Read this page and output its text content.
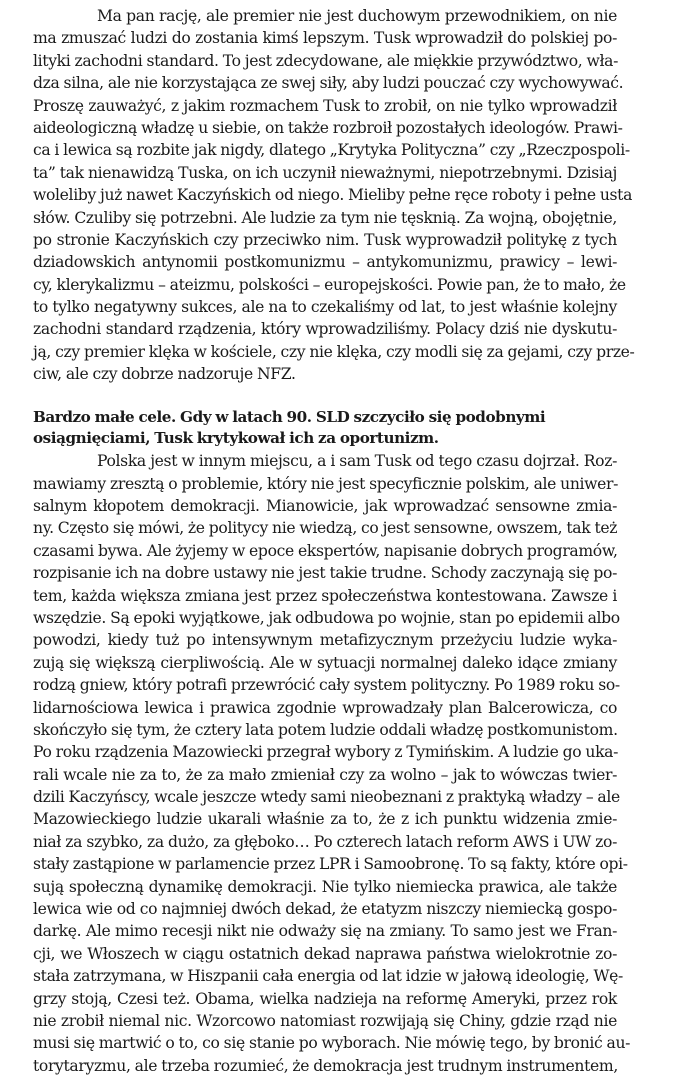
Ma pan rację, ale premier nie jest duchowym przewodnikiem, on nie
ma zmuszać ludzi do zostania kimś lepszym. Tusk wprowadził do polskiej po-
lityki zachodni standard. To jest zdecydowane, ale miękkie przywództwo, wła-
dza silna, ale nie korzystająca ze swej siły, aby ludzi pouczać czy wychowywać.
Proszę zauważyć, z jakim rozmachem Tusk to zrobił, on nie tylko wprowadził
aideologiczną władzę u siebie, on także rozbroił pozostałych ideologów. Prawi-
ca i lewica są rozbite jak nigdy, dlatego „Krytyka Polityczna” czy „Rzeczpospoli-
ta” tak nienawidzą Tuska, on ich uczynił nieważnymi, niepotrzebnymi. Dzisiaj
woleliby już nawet Kaczyńskich od niego. Mieliby pełne ręce roboty i pełne usta
słów. Czuliby się potrzebni. Ale ludzie za tym nie tęsknią. Za wojną, obojętnie,
po stronie Kaczyńskich czy przeciwko nim. Tusk wyprowadził politykę z tych
dziadowskich antynomii postkomunizmu – antykomunizmu, prawicy – lewi-
cy, klerykalizmu – ateizmu, polskości – europejskości. Powie pan, że to mało, że
to tylko negatywny sukces, ale na to czekaliśmy od lat, to jest właśnie kolejny
zachodni standard rządzenia, który wprowadziliśmy. Polacy dziś nie dyskutu-
ją, czy premier klęka w kościele, czy nie klęka, czy modli się za gejami, czy prze-
ciw, ale czy dobrze nadzoruje NFZ.
Bardzo małe cele. Gdy w latach 90. SLD szczyciło się podobnymi
osiągnięciami, Tusk krytykował ich za oportunizm.
Polska jest w innym miejscu, a i sam Tusk od tego czasu dojrzał. Roz-
mawiamy zresztą o problemie, który nie jest specyficznie polskim, ale uniwer-
salnym kłopotem demokracji. Mianowicie, jak wprowadzać sensowne zmia-
ny. Często się mówi, że politycy nie wiedzą, co jest sensowne, owszem, tak też
czasami bywa. Ale żyjemy w epoce ekspertów, napisanie dobrych programów,
rozpisanie ich na dobre ustawy nie jest takie trudne. Schody zaczynają się po-
tem, każda większa zmiana jest przez społeczeństwa kontestowana. Zawsze i
wszędzie. Są epoki wyjątkowe, jak odbudowa po wojnie, stan po epidemii albo
powodzi, kiedy tuż po intensywnym metafizycznym przeżyciu ludzie wyka-
zują się większą cierpliwością. Ale w sytuacji normalnej daleko idące zmiany
rodzą gniew, który potrafi przewrócić cały system polityczny. Po 1989 roku so-
lidarnościowa lewica i prawica zgodnie wprowadzały plan Balcerowicza, co
skończyło się tym, że cztery lata potem ludzie oddali władzę postkomunistom.
Po roku rządzenia Mazowiecki przegrał wybory z Tymińskim. A ludzie go uka-
rali wcale nie za to, że za mało zmieniał czy za wolno – jak to wówczas twier-
dzili Kaczyńscy, wcale jeszcze wtedy sami nieobeznani z praktyką władzy – ale
Mazowieckiego ludzie ukarali właśnie za to, że z ich punktu widzenia zmie-
niał za szybko, za dużo, za głęboko… Po czterech latach reform AWS i UW zo-
stały zastąpione w parlamencie przez LPR i Samoobronę. To są fakty, które opi-
sują społeczną dynamikę demokracji. Nie tylko niemiecka prawica, ale także
lewica wie od co najmniej dwóch dekad, że etatyzm niszczy niemiecką gospo-
darkę. Ale mimo recesji nikt nie odważy się na zmiany. To samo jest we Fran-
cji, we Włoszech w ciągu ostatnich dekad naprawa państwa wielokrotnie zo-
stała zatrzymana, w Hiszpanii cała energia od lat idzie w jałową ideologię, Wę-
grzy stoją, Czesi też. Obama, wielka nadzieja na reformę Ameryki, przez rok
nie zrobił niemal nic. Wzorcowo natomiast rozwijają się Chiny, gdzie rząd nie
musi się martwić o to, co się stanie po wyborach. Nie mówię tego, by bronić au-
torytaryzmu, ale trzeba rozumieć, że demokracja jest trudnym instrumentem,
